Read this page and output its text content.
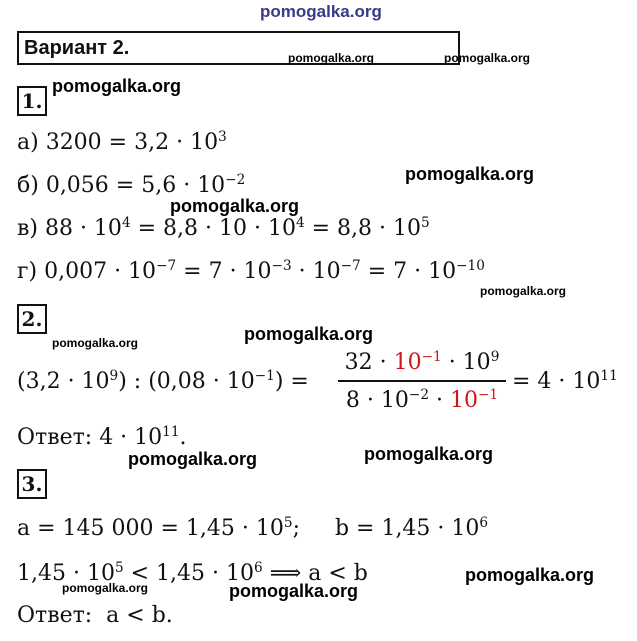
pomogalka.org
Вариант 2.	pomogalka.org	pomogalka.org
pomogalka.org
pomogalka.org
pomogalka.org
pomogalka.org
pomogalka.org
pomogalka.org
pomogalka.org	pomogalka.org
pomogalka.org
pomogalka.org	pomogalka.org
1.
а) $3200 = 3,2 \cdot 10^3$
б) $0,056 = 5,6 \cdot 10^{-2}$
в) $88 \cdot 10^4 = 8,8 \cdot 10 \cdot 10^4 = 8,8 \cdot 10^5$
г) $0,007 \cdot 10^{-7} = 7 \cdot 10^{-3} \cdot 10^{-7} = 7 \cdot 10^{-10}$
2.
$(3,2 \cdot 10^9)$ : $(0,08 \cdot 10^{-1})$ =
$32 \cdot 10^{-1} \cdot 10^9$
$8 \cdot 10^{-2} \cdot 10^{-1}$
= $4 \cdot 10^{11}$
Ответ: $4 \cdot 10^{11}$.
3.
a = 145 $000 = 1,45 \cdot 10^5$;     $b = 1,45 \cdot 10^6$
$1,45 \cdot 10^5 < 1,45 \cdot 10^6$ ⟹ a < b
Ответ:  a < b.
